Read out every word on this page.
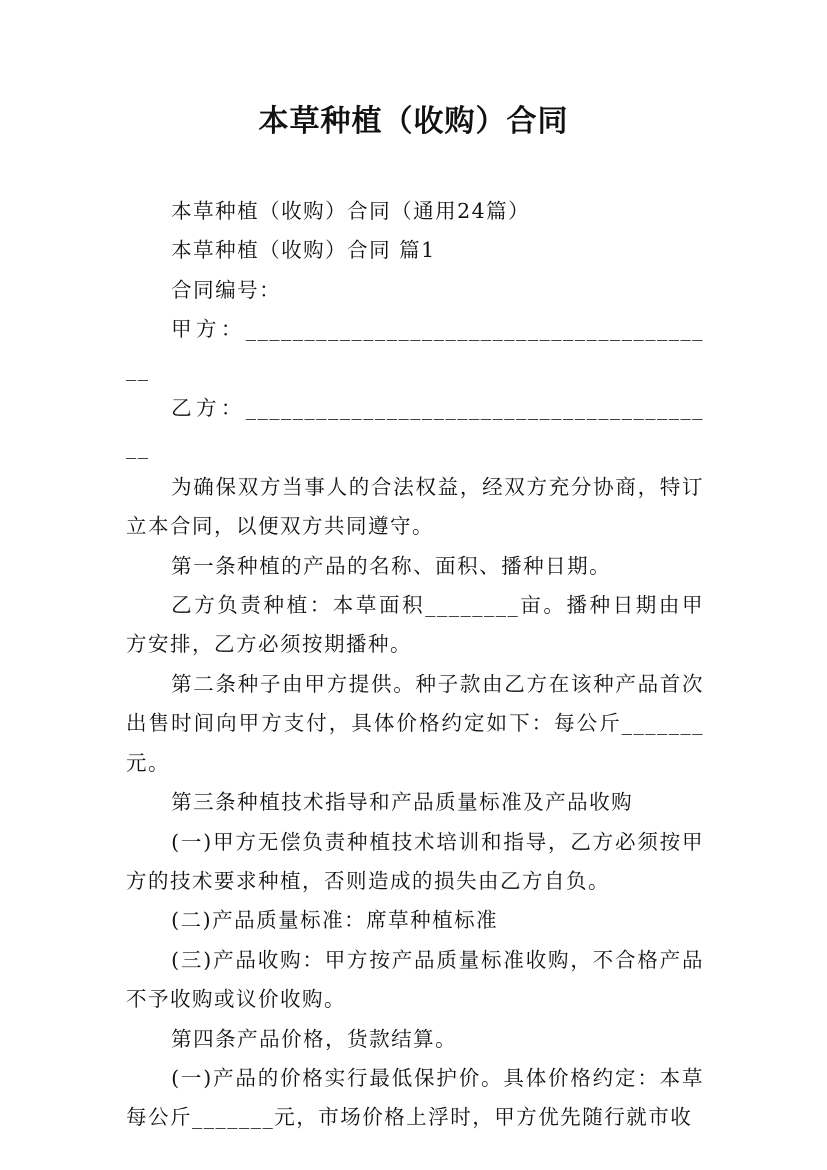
本草种植（收购）合同

本草种植（收购）合同（通用24篇）

本草种植（收购）合同 篇1

合同编号：

甲方：_________________________________________

乙方：_________________________________________

为确保双方当事人的合法权益，经双方充分协商，特订立本合同，以便双方共同遵守。

第一条种植的产品的名称、面积、播种日期。

乙方负责种植：本草面积________亩。播种日期由甲方安排，乙方必须按期播种。

第二条种子由甲方提供。种子款由乙方在该种产品首次出售时间向甲方支付，具体价格约定如下：每公斤_______元。

第三条种植技术指导和产品质量标准及产品收购

(一)甲方无偿负责种植技术培训和指导，乙方必须按甲方的技术要求种植，否则造成的损失由乙方自负。

(二)产品质量标准：席草种植标准

(三)产品收购：甲方按产品质量标准收购，不合格产品不予收购或议价收购。

第四条产品价格，货款结算。

(一)产品的价格实行最低保护价。具体价格约定：本草每公斤_______元，市场价格上浮时，甲方优先随行就市收
